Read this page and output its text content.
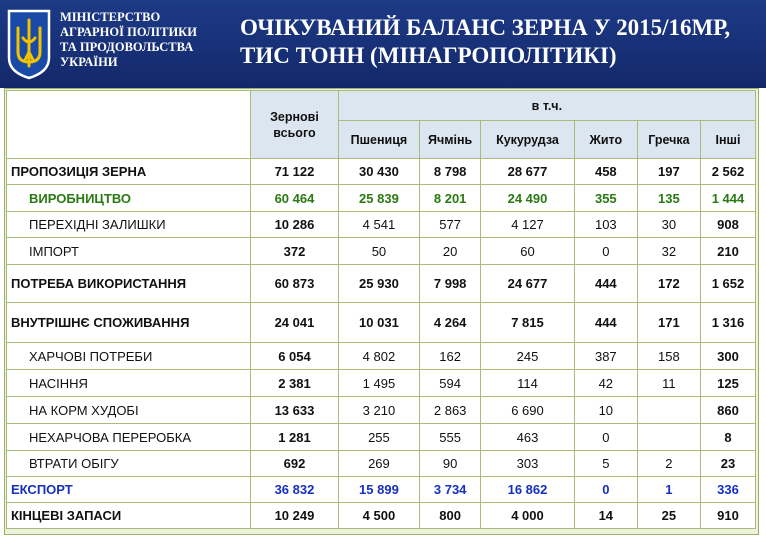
МІНІСТЕРСТВО
АГРАРНОЇ ПОЛІТИКИ
ТА ПРОДОВОЛЬСТВА
УКРАЇНИ
ОЧІКУВАНИЙ БАЛАНС ЗЕРНА У 2015/16МР,
ТИС ТОНН (МІНАГРОПОЛІТИКІ)
	Зернові всього	в т.ч.					
		Пшениця	Ячмінь	Кукурудза	Жито	Гречка	Інші
ПРОПОЗИЦІЯ ЗЕРНА	71 122	30 430	8 798	28 677	458	197	2 562
ВИРОБНИЦТВО	60 464	25 839	8 201	24 490	355	135	1 444
ПЕРЕХІДНІ ЗАЛИШКИ	10 286	4 541	577	4 127	103	30	908
ІМПОРТ	372	50	20	60	0	32	210
ПОТРЕБА ВИКОРИСТАННЯ	60 873	25 930	7 998	24 677	444	172	1 652
ВНУТРІШНЄ СПОЖИВАННЯ	24 041	10 031	4 264	7 815	444	171	1 316
ХАРЧОВІ ПОТРЕБИ	6 054	4 802	162	245	387	158	300
НАСІННЯ	2 381	1 495	594	114	42	11	125
НА КОРМ ХУДОБІ	13 633	3 210	2 863	6 690	10		860
НЕХАРЧОВА ПЕРЕРОБКА	1 281	255	555	463	0		8
ВТРАТИ ОБІГУ	692	269	90	303	5	2	23
ЕКСПОРТ	36 832	15 899	3 734	16 862	0	1	336
КІНЦЕВІ ЗАПАСИ	10 249	4 500	800	4 000	14	25	910
